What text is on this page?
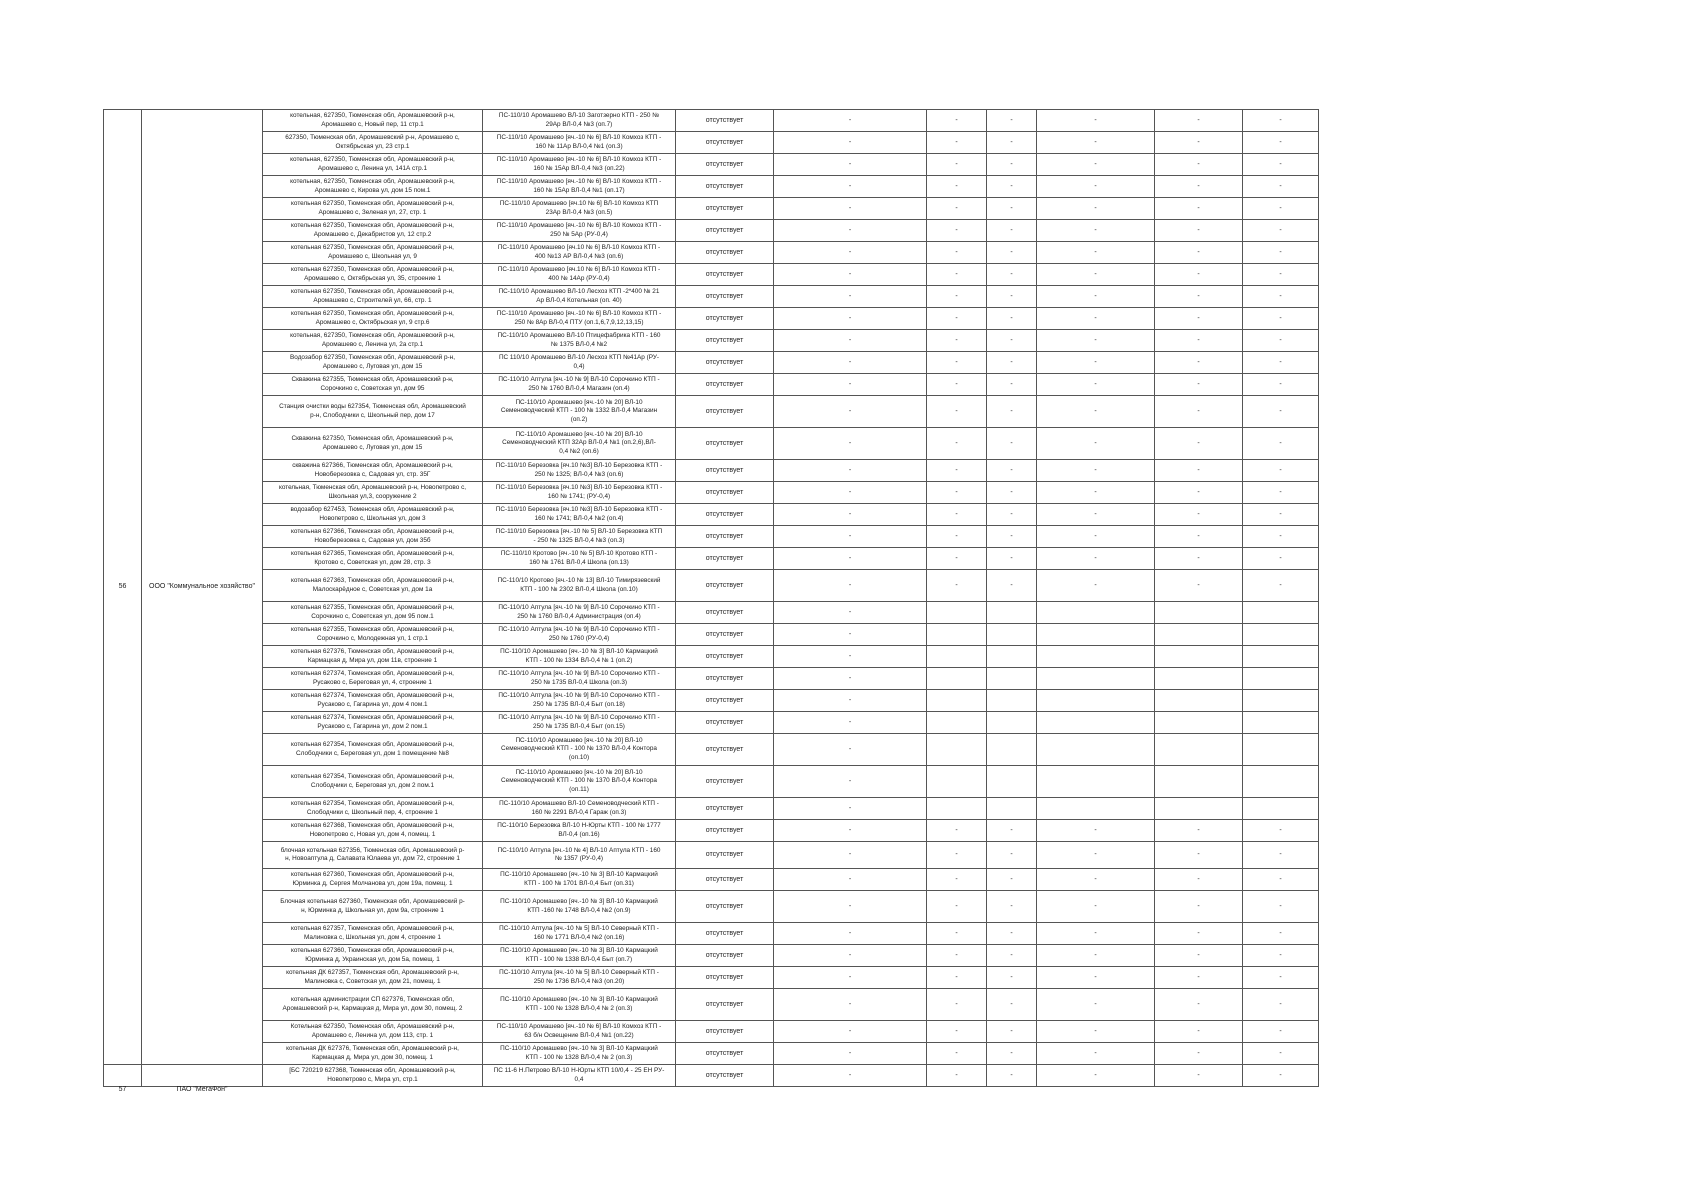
56	ООО "Коммунальное хозяйство"	котельная, 627350, Тюменская обл, Аромашевский р-н,
Аромашево с, Новый пер, 11 стр.1	ПС-110/10 Аромашево ВЛ-10 Заготзерно КТП - 250 №
29Ар ВЛ-0,4 №3 (оп.7)	отсутствует	-	-	-	-	-	-
		627350, Тюменская обл, Аромашевский р-н, Аромашево с,
Октябрьская ул, 23 стр.1	ПС-110/10 Аромашево [яч.-10 № 6] ВЛ-10 Комхоз КТП -
160 № 11Ар ВЛ-0,4 №1 (оп.3)	отсутствует	-	-	-	-	-	-
		котельная, 627350, Тюменская обл, Аромашевский р-н,
Аромашево с, Ленина ул, 141А стр.1	ПС-110/10 Аромашево [яч.-10 № 6] ВЛ-10 Комхоз КТП -
160 № 15Ар ВЛ-0,4 №3 (оп.22)	отсутствует	-	-	-	-	-	-
		котельная, 627350, Тюменская обл, Аромашевский р-н,
Аромашево с, Кирова ул, дом 15 пом.1	ПС-110/10 Аромашево [яч.-10 № 6] ВЛ-10 Комхоз КТП -
160 № 15Ар ВЛ-0,4 №1 (оп.17)	отсутствует	-	-	-	-	-	-
		котельная 627350, Тюменская обл, Аромашевский р-н,
Аромашево с, Зеленая ул, 27, стр. 1	ПС-110/10 Аромашево [яч.10 № 6] ВЛ-10 Комхоз КТП
23Ар ВЛ-0,4 №3 (оп.5)	отсутствует	-	-	-	-	-	-
		котельная 627350, Тюменская обл, Аромашевский р-н,
Аромашево с, Декабристов ул, 12 стр.2	ПС-110/10 Аромашево [яч.-10 № 6] ВЛ-10 Комхоз КТП -
250 № 5Ар (РУ-0,4)	отсутствует	-	-	-	-	-	-
		котельная 627350, Тюменская обл, Аромашевский р-н,
Аромашево с, Школьная ул, 9	ПС-110/10 Аромашево [яч.10 № 6] ВЛ-10 Комхоз КТП -
400 №13 АР ВЛ-0,4 №3 (оп.6)	отсутствует	-	-	-	-	-	-
		котельная 627350, Тюменская обл, Аромашевский р-н,
Аромашево с, Октябрьская ул, 35, строение 1	ПС-110/10 Аромашево [яч.10 № 6] ВЛ-10 Комхоз КТП -
400 № 14Ар (РУ-0,4)	отсутствует	-	-	-	-	-	-
		котельная 627350, Тюменская обл, Аромашевский р-н,
Аромашево с, Строителей ул, 66, стр. 1	ПС-110/10 Аромашево ВЛ-10 Лесхоз КТП -2*400 № 21
Ар ВЛ-0,4 Котельная (оп. 40)	отсутствует	-	-	-	-	-	-
		котельная 627350, Тюменская обл, Аромашевский р-н,
Аромашево с, Октябрьская ул, 9 стр.6	ПС-110/10 Аромашево [яч.-10 № 6] ВЛ-10 Комхоз КТП -
250 № 8Ар ВЛ-0,4 ПТУ (оп.1,6,7,9,12,13,15)	отсутствует	-	-	-	-	-	-
		котельная, 627350, Тюменская обл, Аромашевский р-н,
Аромашево с, Ленина ул, 2а стр.1	ПС-110/10 Аромашево ВЛ-10 Птицефабрика КТП - 160
№ 1375 ВЛ-0,4 №2	отсутствует	-	-	-	-	-	-
		Водозабор 627350, Тюменская обл, Аромашевский р-н,
Аромашево с, Луговая ул, дом 15	ПС 110/10 Аромашево ВЛ-10 Лесхоз КТП №41Ар (РУ-
0,4)	отсутствует	-	-	-	-	-	-
		Скважина 627355, Тюменская обл, Аромашевский р-н,
Сорочкино с, Советская ул, дом 95	ПС-110/10 Аптула [яч.-10 № 9] ВЛ-10 Сорочкино КТП -
250 № 1760 ВЛ-0,4 Магазин (оп.4)	отсутствует	-	-	-	-	-	-
		Станция очистки воды 627354, Тюменская обл, Аромашевский
р-н, Слободчики с, Школьный пер, дом 17	ПС-110/10 Аромашево [яч.-10 № 20] ВЛ-10
Семеноводческий КТП - 100 № 1332 ВЛ-0,4 Магазин
(оп.2)	отсутствует	-	-	-	-	-	-
		Скважина 627350, Тюменская обл, Аромашевский р-н,
Аромашево с, Луговая ул, дом 15	ПС-110/10 Аромашево [яч.-10 № 20] ВЛ-10
Семеноводческий КТП 32Ар ВЛ-0,4 №1 (оп.2,6),ВЛ-
0,4 №2 (оп.6)	отсутствует	-	-	-	-	-	-
		скважина 627366, Тюменская обл, Аромашевский р-н,
Новоберезовка с, Садовая ул, стр. 35Г	ПС-110/10 Березовка [яч.10 №3] ВЛ-10 Березовка КТП -
250 № 1325; ВЛ-0,4 №3 (оп.6)	отсутствует	-	-	-	-	-	-
		котельная, Тюменская обл, Аромашевский р-н, Новопетрово с,
Школьная ул,3, сооружение 2	ПС-110/10 Березовка [яч.10 №3] ВЛ-10 Березовка КТП -
160 № 1741; (РУ-0,4)	отсутствует	-	-	-	-	-	-
		водозабор 627453, Тюменская обл, Аромашевский р-н,
Новопетрово с, Школьная ул, дом 3	ПС-110/10 Березовка [яч.10 №3] ВЛ-10 Березовка КТП -
160 № 1741; ВЛ-0,4 №2 (оп.4)	отсутствует	-	-	-	-	-	-
		котельная 627366, Тюменская обл, Аромашевский р-н,
Новоберезовка с, Садовая ул, дом 35б	ПС-110/10 Березовка [яч.-10 № 5] ВЛ-10 Березовка КТП
- 250 № 1325 ВЛ-0,4 №3 (оп.3)	отсутствует	-	-	-	-	-	-
		котельная 627365, Тюменская обл, Аромашевский р-н,
Кротово с, Советская ул, дом 28, стр. 3	ПС-110/10 Кротово [яч.-10 № 5] ВЛ-10 Кротово КТП -
160 № 1761 ВЛ-0,4 Школа (оп.13)	отсутствует	-	-	-	-	-	-
		котельная 627363, Тюменская обл, Аромашевский р-н,
Малоскарёдное с, Советская ул, дом 1а	ПС-110/10 Кротово [яч.-10 № 13] ВЛ-10 Тимирязевский
КТП - 100 № 2302 ВЛ-0,4 Школа (оп.10)	отсутствует	-	-	-	-	-	-
		котельная 627355, Тюменская обл, Аромашевский р-н,
Сорочкино с, Советская ул, дом 95 пом.1	ПС-110/10 Аптула [яч.-10 № 9] ВЛ-10 Сорочкино КТП -
250 № 1760 ВЛ-0,4 Администрация (оп.4)	отсутствует	-					
		котельная 627355, Тюменская обл, Аромашевский р-н,
Сорочкино с, Молодежная ул, 1 стр.1	ПС-110/10 Аптула [яч.-10 № 9] ВЛ-10 Сорочкино КТП -
250 № 1760 (РУ-0,4)	отсутствует	-					
		котельная 627376, Тюменская обл, Аромашевский р-н,
Кармацкая д, Мира ул, дом 11в, строение 1	ПС-110/10 Аромашево [яч.-10 № 3] ВЛ-10 Кармацкий
КТП - 100 № 1334 ВЛ-0,4 № 1 (оп.2)	отсутствует	-					
		котельная 627374, Тюменская обл, Аромашевский р-н,
Русаково с, Береговая ул, 4, строение 1	ПС-110/10 Аптула [яч.-10 № 9] ВЛ-10 Сорочкино КТП -
250 № 1735 ВЛ-0,4 Школа (оп.3)	отсутствует	-					
		котельная 627374, Тюменская обл, Аромашевский р-н,
Русаково с, Гагарина ул, дом 4 пом.1	ПС-110/10 Аптула [яч.-10 № 9] ВЛ-10 Сорочкино КТП -
250 № 1735 ВЛ-0,4 Быт (оп.18)	отсутствует	-					
		котельная 627374, Тюменская обл, Аромашевский р-н,
Русаково с, Гагарина ул, дом 2 пом.1	ПС-110/10 Аптула [яч.-10 № 9] ВЛ-10 Сорочкино КТП -
250 № 1735 ВЛ-0,4 Быт (оп.15)	отсутствует	-					
		котельная 627354, Тюменская обл, Аромашевский р-н,
Слободчики с, Береговая ул, дом 1 помещение №8	ПС-110/10 Аромашево [яч.-10 № 20] ВЛ-10
Семеноводческий КТП - 100 № 1370 ВЛ-0,4 Контора
(оп.10)	отсутствует	-					
		котельная 627354, Тюменская обл, Аромашевский р-н,
Слободчики с, Береговая ул, дом 2 пом.1	ПС-110/10 Аромашево [яч.-10 № 20] ВЛ-10
Семеноводческий КТП - 100 № 1370 ВЛ-0,4 Контора
(оп.11)	отсутствует	-					
		котельная 627354, Тюменская обл, Аромашевский р-н,
Слободчики с, Школьный пер, 4, строение 1	ПС-110/10 Аромашево ВЛ-10 Семеноводческий КТП -
160 № 2291 ВЛ-0,4 Гараж (оп.3)	отсутствует	-					
		котельная 627368, Тюменская обл, Аромашевский р-н,
Новопетрово с, Новая ул, дом 4, помещ. 1	ПС-110/10 Березовка ВЛ-10 Н-Юрты КТП - 100 № 1777
ВЛ-0,4 (оп.16)	отсутствует	-	-	-	-	-	-
		блочная котельная 627356, Тюменская обл, Аромашевский р-
н, Новоаптула д, Салавата Юлаева ул, дом 72, строение 1	ПС-110/10 Аптула [яч.-10 № 4] ВЛ-10 Аптула КТП - 160
№ 1357 (РУ-0,4)	отсутствует	-	-	-	-	-	-
		котельная 627360, Тюменская обл, Аромашевский р-н,
Юрминка д, Сергея Молчанова ул, дом 19а, помещ. 1	ПС-110/10 Аромашево [яч.-10 № 3] ВЛ-10 Кармацкий
КТП - 100 № 1701 ВЛ-0,4 Быт (оп.31)	отсутствует	-	-	-	-	-	-
		Блочная котельная 627360, Тюменская обл, Аромашевский р-
н, Юрминка д, Школьная ул, дом 9а, строение 1	ПС-110/10 Аромашево [яч.-10 № 3] ВЛ-10 Кармацкий
КТП -160 № 1748 ВЛ-0,4 №2 (оп.9)	отсутствует	-	-	-	-	-	-
		котельная 627357, Тюменская обл, Аромашевский р-н,
Малиновка с, Школьная ул, дом 4, строение 1	ПС-110/10 Аптула [яч.-10 № 5] ВЛ-10 Северный КТП -
160 № 1771 ВЛ-0,4 №2 (оп.16)	отсутствует	-	-	-	-	-	-
		котельная 627360, Тюменская обл, Аромашевский р-н,
Юрминка д, Украинская ул, дом 5а, помещ. 1	ПС-110/10 Аромашево [яч.-10 № 3] ВЛ-10 Кармацкий
КТП - 100 № 1338 ВЛ-0,4 Быт (оп.7)	отсутствует	-	-	-	-	-	-
		котельная ДК 627357, Тюменская обл, Аромашевский р-н,
Малиновка с, Советская ул, дом 21, помещ. 1	ПС-110/10 Аптула [яч.-10 № 5] ВЛ-10 Северный КТП -
250 № 1736 ВЛ-0,4 №3 (оп.20)	отсутствует	-	-	-	-	-	-
		котельная администрации СП 627376, Тюменская обл,
Аромашевский р-н, Кармацкая д, Мира ул, дом 30, помещ. 2	ПС-110/10 Аромашево [яч.-10 № 3] ВЛ-10 Кармацкий
КТП - 100 № 1328 ВЛ-0,4 № 2 (оп.3)	отсутствует	-	-	-	-	-	-
		Котельная 627350, Тюменская обл, Аромашевский р-н,
Аромашево с, Ленина ул, дом 113, стр. 1	ПС-110/10 Аромашево [яч.-10 № 6] ВЛ-10 Комхоз КТП -
63 б/н Освещение ВЛ-0,4 №1 (оп.22)	отсутствует	-	-	-	-	-	-
		котельная ДК 627376, Тюменская обл, Аромашевский р-н,
Кармацкая д, Мира ул, дом 30, помещ. 1	ПС-110/10 Аромашево [яч.-10 № 3] ВЛ-10 Кармацкий
КТП - 100 № 1328 ВЛ-0,4 № 2 (оп.3)	отсутствует	-	-	-	-	-	-

57	ПАО "МегаФон"	[БС 720219 627368, Тюменская обл, Аромашевский р-н,
Новопетрово с, Мира ул, стр.1	ПС 11-6 Н.Петрово ВЛ-10 Н-Юрты КТП 10/0,4 - 25 ЕН РУ-
0,4	отсутствует	-	-	-	-	-	-
